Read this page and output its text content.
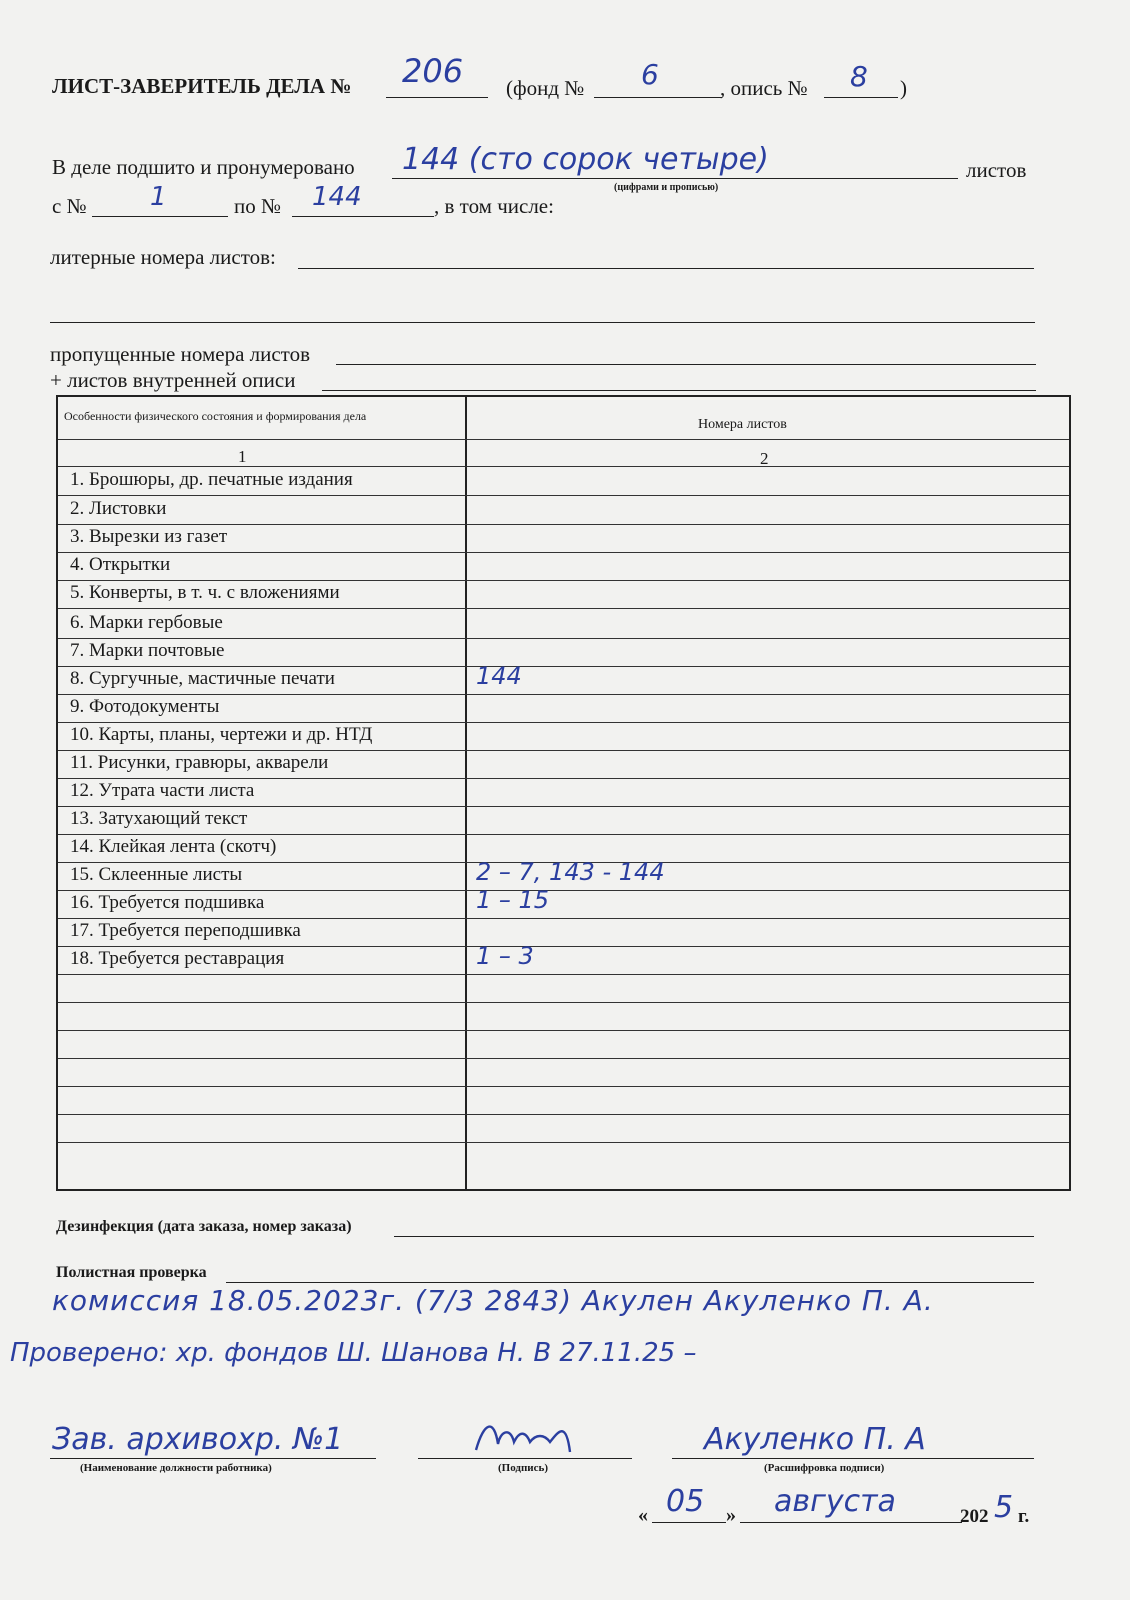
ЛИСТ-ЗАВЕРИТЕЛЬ ДЕЛА № 206 (фонд № 6	, опись № 8 )
В деле подшито и пронумеровано 144 (сто сорок четыре)	листов
(цифрами и прописью)
с № 1	по № 144	, в том числе:
литерные номера листов:
пропущенные номера листов
+ листов внутренней описи
Особенности физического состояния и формирования дела
Номера листов
1	2
1. Брошюры, др. печатные издания
2. Листовки
3. Вырезки из газет
4. Открытки
5. Конверты, в т. ч. с вложениями
6. Марки гербовые
7. Марки почтовые
8. Сургучные, мастичные печати	144
9. Фотодокументы
10. Карты, планы, чертежи и др. НТД
11. Рисунки, гравюры, акварели
12. Утрата части листа
13. Затухающий текст
14. Клейкая лента (скотч)
15. Склеенные листы	2 – 7, 143 - 144
16. Требуется подшивка	1 – 15
17. Требуется переподшивка
18. Требуется реставрация	1 – 3
Дезинфекция (дата заказа, номер заказа)
Полистная проверка
комиссия 18.05.2023г. (7/3 2843) Акулен Акуленко П. А.
Проверено: хр. фондов Ш. Шанова Н. В 27.11.25 –
Зав. архивохр. №1
(Наименование должности работника)	(Подпись)
Акуленко П. А
(Расшифровка подписи)
« 05 » августа	202 5 г.
